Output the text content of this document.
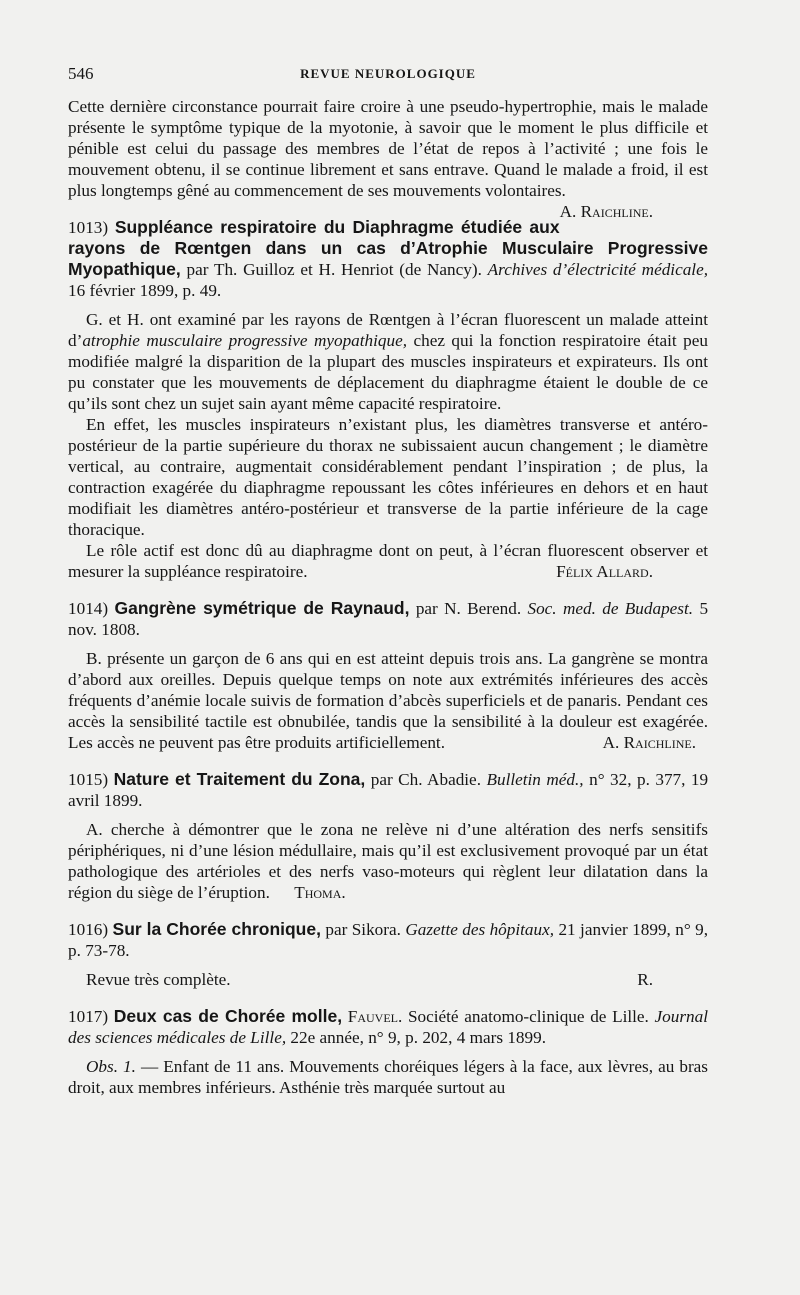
546	REVUE NEUROLOGIQUE

Cette dernière circonstance pourrait faire croire à une pseudo-hypertrophie, mais le malade présente le symptôme typique de la myotonie, à savoir que le moment le plus difficile et pénible est celui du passage des membres de l’état de repos à l’activité ; une fois le mouvement obtenu, il se continue librement et sans entrave. Quand le malade a froid, il est plus longtemps gêné au commencement de ses mouvements volontaires.
A. Raichline.

1013) Suppléance respiratoire du Diaphragme étudiée aux rayons de Rœntgen dans un cas d’Atrophie Musculaire Progressive Myopathique, par Th. Guilloz et H. Henriot (de Nancy). Archives d’électricité médicale, 16 février 1899, p. 49.

G. et H. ont examiné par les rayons de Rœntgen à l’écran fluorescent un malade atteint d’atrophie musculaire progressive myopathique, chez qui la fonction respiratoire était peu modifiée malgré la disparition de la plupart des muscles inspirateurs et expirateurs. Ils ont pu constater que les mouvements de déplacement du diaphragme étaient le double de ce qu’ils sont chez un sujet sain ayant même capacité respiratoire.

En effet, les muscles inspirateurs n’existant plus, les diamètres transverse et antéro-postérieur de la partie supérieure du thorax ne subissaient aucun changement ; le diamètre vertical, au contraire, augmentait considérablement pendant l’inspiration ; de plus, la contraction exagérée du diaphragme repoussant les côtes inférieures en dehors et en haut modifiait les diamètres antéro-postérieur et transverse de la partie inférieure de la cage thoracique.

Le rôle actif est donc dû au diaphragme dont on peut, à l’écran fluorescent observer et mesurer la suppléance respiratoire.	Félix Allard.

1014) Gangrène symétrique de Raynaud, par N. Berend. Soc. med. de Budapest. 5 nov. 1808.

B. présente un garçon de 6 ans qui en est atteint depuis trois ans. La gangrène se montra d’abord aux oreilles. Depuis quelque temps on note aux extrémités inférieures des accès fréquents d’anémie locale suivis de formation d’abcès superficiels et de panaris. Pendant ces accès la sensibilité tactile est obnubilée, tandis que la sensibilité à la douleur est exagérée. Les accès ne peuvent pas être produits artificiellement.	A. Raichline.

1015) Nature et Traitement du Zona, par Ch. Abadie. Bulletin méd., n° 32, p. 377, 19 avril 1899.

A. cherche à démontrer que le zona ne relève ni d’une altération des nerfs sensitifs périphériques, ni d’une lésion médullaire, mais qu’il est exclusivement provoqué par un état pathologique des artérioles et des nerfs vaso-moteurs qui règlent leur dilatation dans la région du siège de l’éruption. Thoma.

1016) Sur la Chorée chronique, par Sikora. Gazette des hôpitaux, 21 janvier 1899, n° 9, p. 73-78.

Revue très complète.	R.

1017) Deux cas de Chorée molle, Fauvel. Société anatomo-clinique de Lille. Journal des sciences médicales de Lille, 22e année, n° 9, p. 202, 4 mars 1899.

Obs. 1. — Enfant de 11 ans. Mouvements choréiques légers à la face, aux lèvres, au bras droit, aux membres inférieurs. Asthénie très marquée surtout au
